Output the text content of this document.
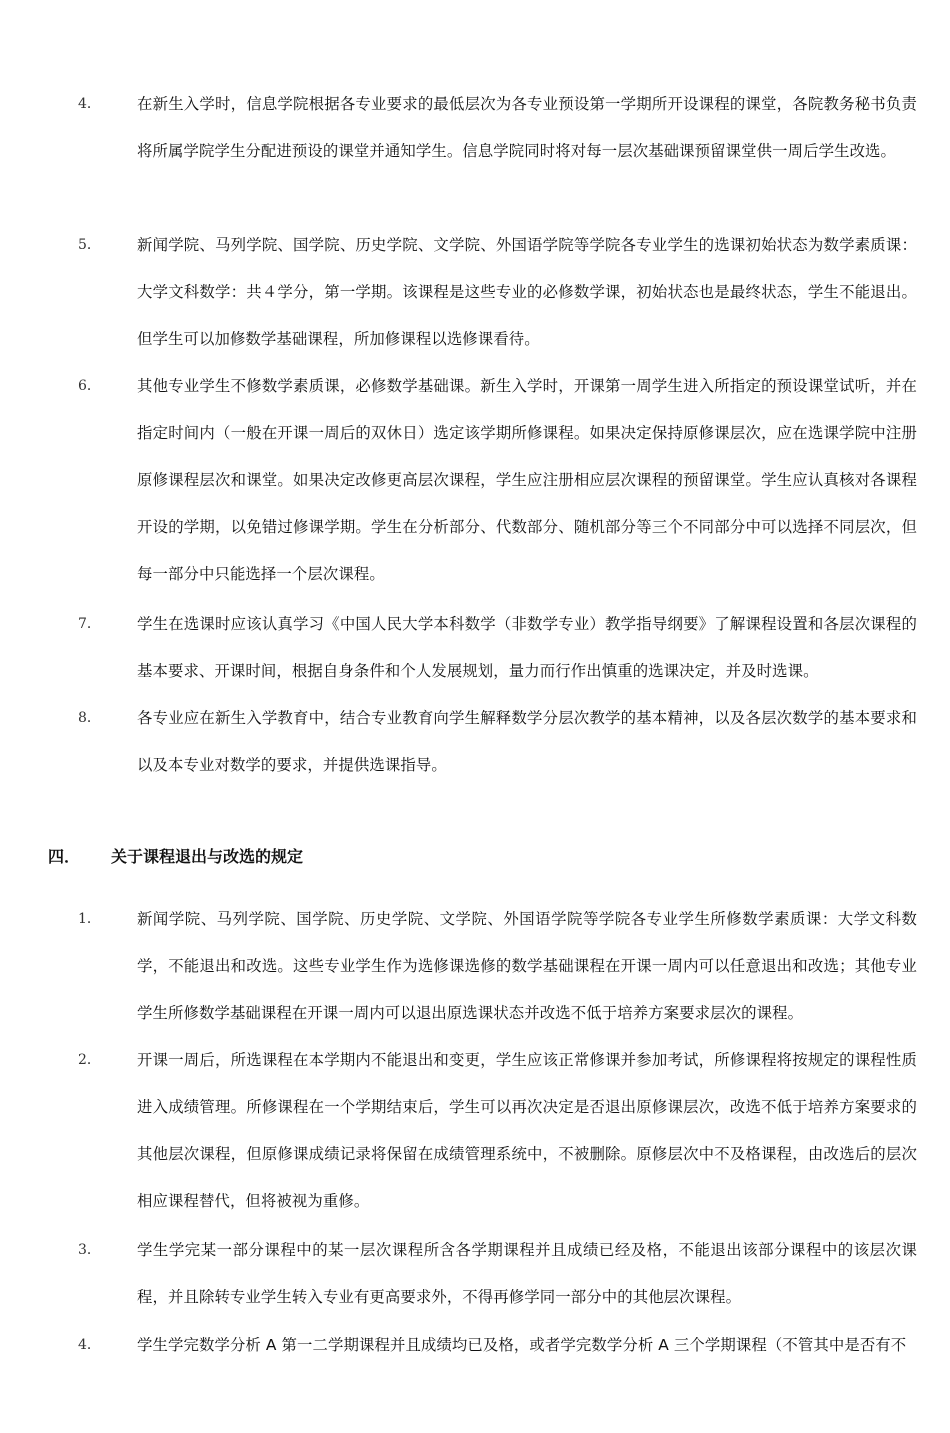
4． 在新生入学时，信息学院根据各专业要求的最低层次为各专业预设第一学期所开设课程的课堂，各院教务秘书负责将所属学院学生分配进预设的课堂并通知学生。信息学院同时将对每一层次基础课预留课堂供一周后学生改选。
5． 新闻学院、马列学院、国学院、历史学院、文学院、外国语学院等学院各专业学生的选课初始状态为数学素质课：大学文科数学：共４学分，第一学期。该课程是这些专业的必修数学课，初始状态也是最终状态，学生不能退出。但学生可以加修数学基础课程，所加修课程以选修课看待。
6． 其他专业学生不修数学素质课，必修数学基础课。新生入学时，开课第一周学生进入所指定的预设课堂试听，并在指定时间内（一般在开课一周后的双休日）选定该学期所修课程。如果决定保持原修课层次，应在选课学院中注册原修课程层次和课堂。如果决定改修更高层次课程，学生应注册相应层次课程的预留课堂。学生应认真核对各课程开设的学期，以免错过修课学期。学生在分析部分、代数部分、随机部分等三个不同部分中可以选择不同层次，但每一部分中只能选择一个层次课程。
7． 学生在选课时应该认真学习《中国人民大学本科数学（非数学专业）教学指导纲要》了解课程设置和各层次课程的基本要求、开课时间，根据自身条件和个人发展规划，量力而行作出慎重的选课决定，并及时选课。
8． 各专业应在新生入学教育中，结合专业教育向学生解释数学分层次教学的基本精神，以及各层次数学的基本要求和以及本专业对数学的要求，并提供选课指导。
四． 关于课程退出与改选的规定
1． 新闻学院、马列学院、国学院、历史学院、文学院、外国语学院等学院各专业学生所修数学素质课：大学文科数学，不能退出和改选。这些专业学生作为选修课选修的数学基础课程在开课一周内可以任意退出和改选；其他专业学生所修数学基础课程在开课一周内可以退出原选课状态并改选不低于培养方案要求层次的课程。
2． 开课一周后，所选课程在本学期内不能退出和变更，学生应该正常修课并参加考试，所修课程将按规定的课程性质进入成绩管理。所修课程在一个学期结束后，学生可以再次决定是否退出原修课层次，改选不低于培养方案要求的其他层次课程，但原修课成绩记录将保留在成绩管理系统中，不被删除。原修层次中不及格课程，由改选后的层次相应课程替代，但将被视为重修。
3． 学生学完某一部分课程中的某一层次课程所含各学期课程并且成绩已经及格，不能退出该部分课程中的该层次课程，并且除转专业学生转入专业有更高要求外，不得再修学同一部分中的其他层次课程。
4． 学生学完数学分析 A 第一二学期课程并且成绩均已及格，或者学完数学分析 A 三个学期课程（不管其中是否有不
